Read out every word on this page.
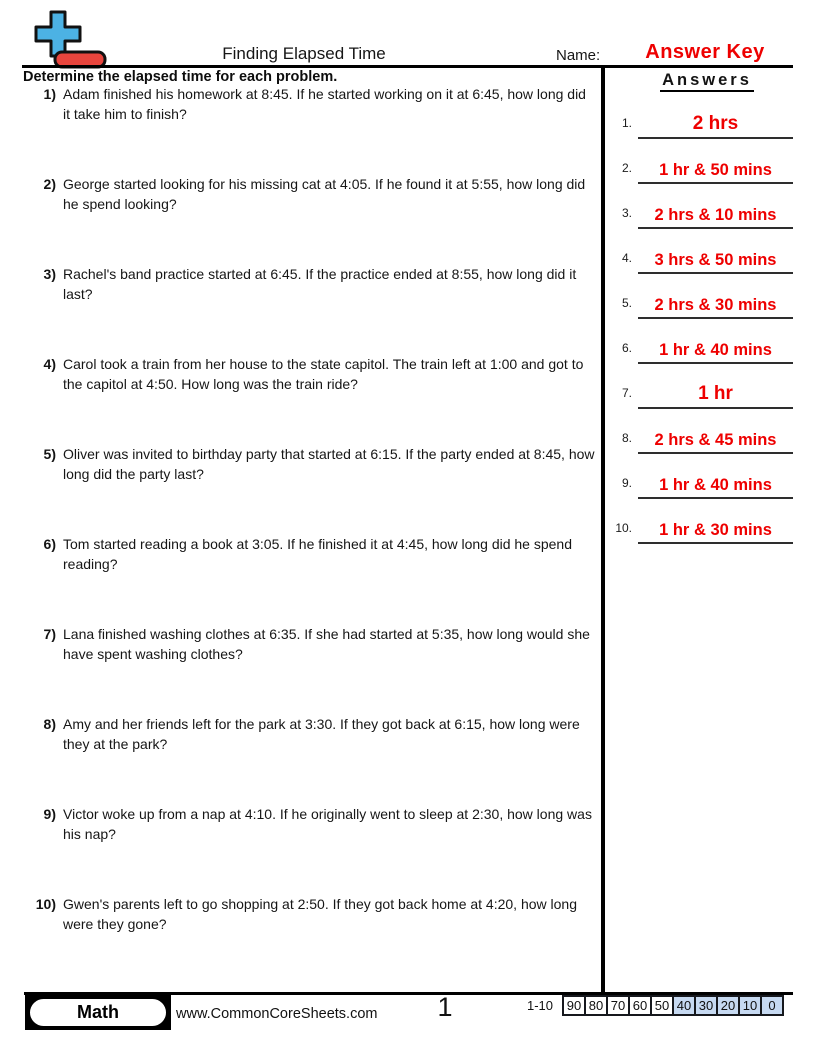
Finding Elapsed Time	Name:	Answer Key
Determine the elapsed time for each problem.
1) Adam finished his homework at 8:45. If he started working on it at 6:45, how long did it take him to finish?
2) George started looking for his missing cat at 4:05. If he found it at 5:55, how long did he spend looking?
3) Rachel's band practice started at 6:45. If the practice ended at 8:55, how long did it last?
4) Carol took a train from her house to the state capitol. The train left at 1:00 and got to the capitol at 4:50. How long was the train ride?
5) Oliver was invited to birthday party that started at 6:15. If the party ended at 8:45, how long did the party last?
6) Tom started reading a book at 3:05. If he finished it at 4:45, how long did he spend reading?
7) Lana finished washing clothes at 6:35. If she had started at 5:35, how long would she have spent washing clothes?
8) Amy and her friends left for the park at 3:30. If they got back at 6:15, how long were they at the park?
9) Victor woke up from a nap at 4:10. If he originally went to sleep at 2:30, how long was his nap?
10) Gwen's parents left to go shopping at 2:50. If they got back home at 4:20, how long were they gone?
Answers
1.	2 hrs
2.	1 hr & 50 mins
3.	2 hrs & 10 mins
4.	3 hrs & 50 mins
5.	2 hrs & 30 mins
6.	1 hr & 40 mins
7.	1 hr
8.	2 hrs & 45 mins
9.	1 hr & 40 mins
10.	1 hr & 30 mins
Math	www.CommonCoreSheets.com	1	1-10	90 80 70 60 50 40 30 20 10 0
